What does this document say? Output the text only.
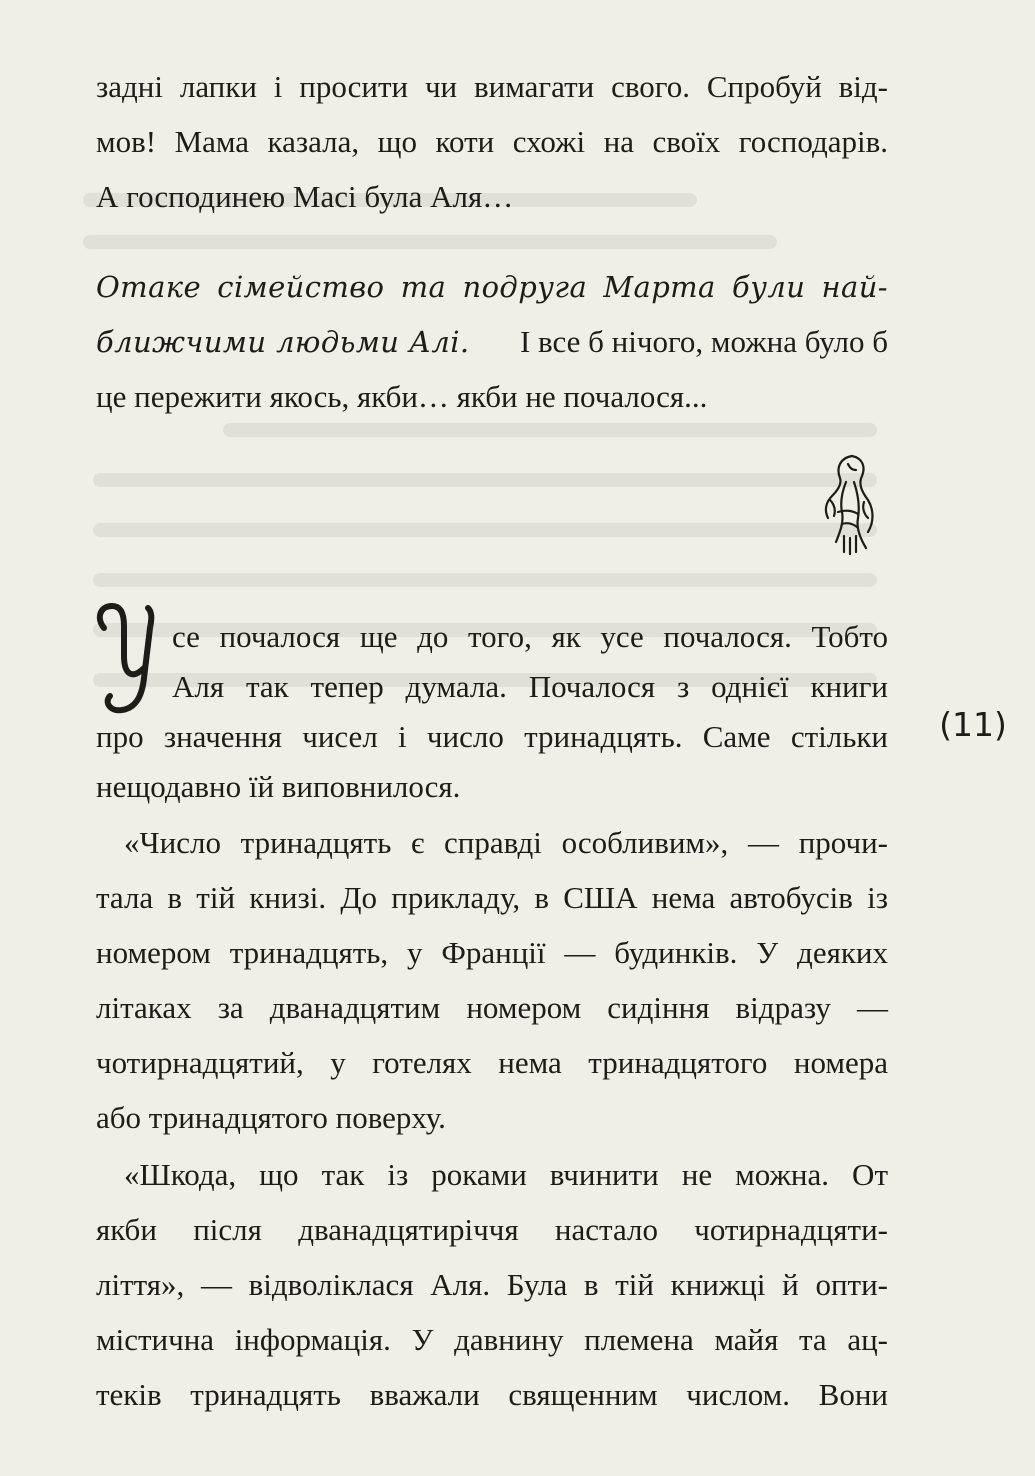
задні лапки і просити чи вимагати свого. Спробуй від-
мов! Мама казала, що коти схожі на своїх господарів.
А господинею Масі була Аля…
Отаке сімейство та подруга Марта були най-
ближчими людьми Алі. І все б нічого, можна було б
це пережити якось, якби… якби не почалося...
се почалося ще до того, як усе почалося. Тобто
Аля так тепер думала. Почалося з однієї книги
про значення чисел і число тринадцять. Саме стільки
нещодавно їй виповнилося.
(11)
«Число тринадцять є справді особливим», — прочи-
тала в тій книзі. До прикладу, в США нема автобусів із
номером тринадцять, у Франції — будинків. У деяких
літаках за дванадцятим номером сидіння відразу —
чотирнадцятий, у готелях нема тринадцятого номера
або тринадцятого поверху.
«Шкода, що так із роками вчинити не можна. От
якби після дванадцятиріччя настало чотирнадцяти-
ліття», — відволіклася Аля. Була в тій книжці й опти-
містична інформація. У давнину племена майя та ац-
теків тринадцять вважали священним числом. Вони
